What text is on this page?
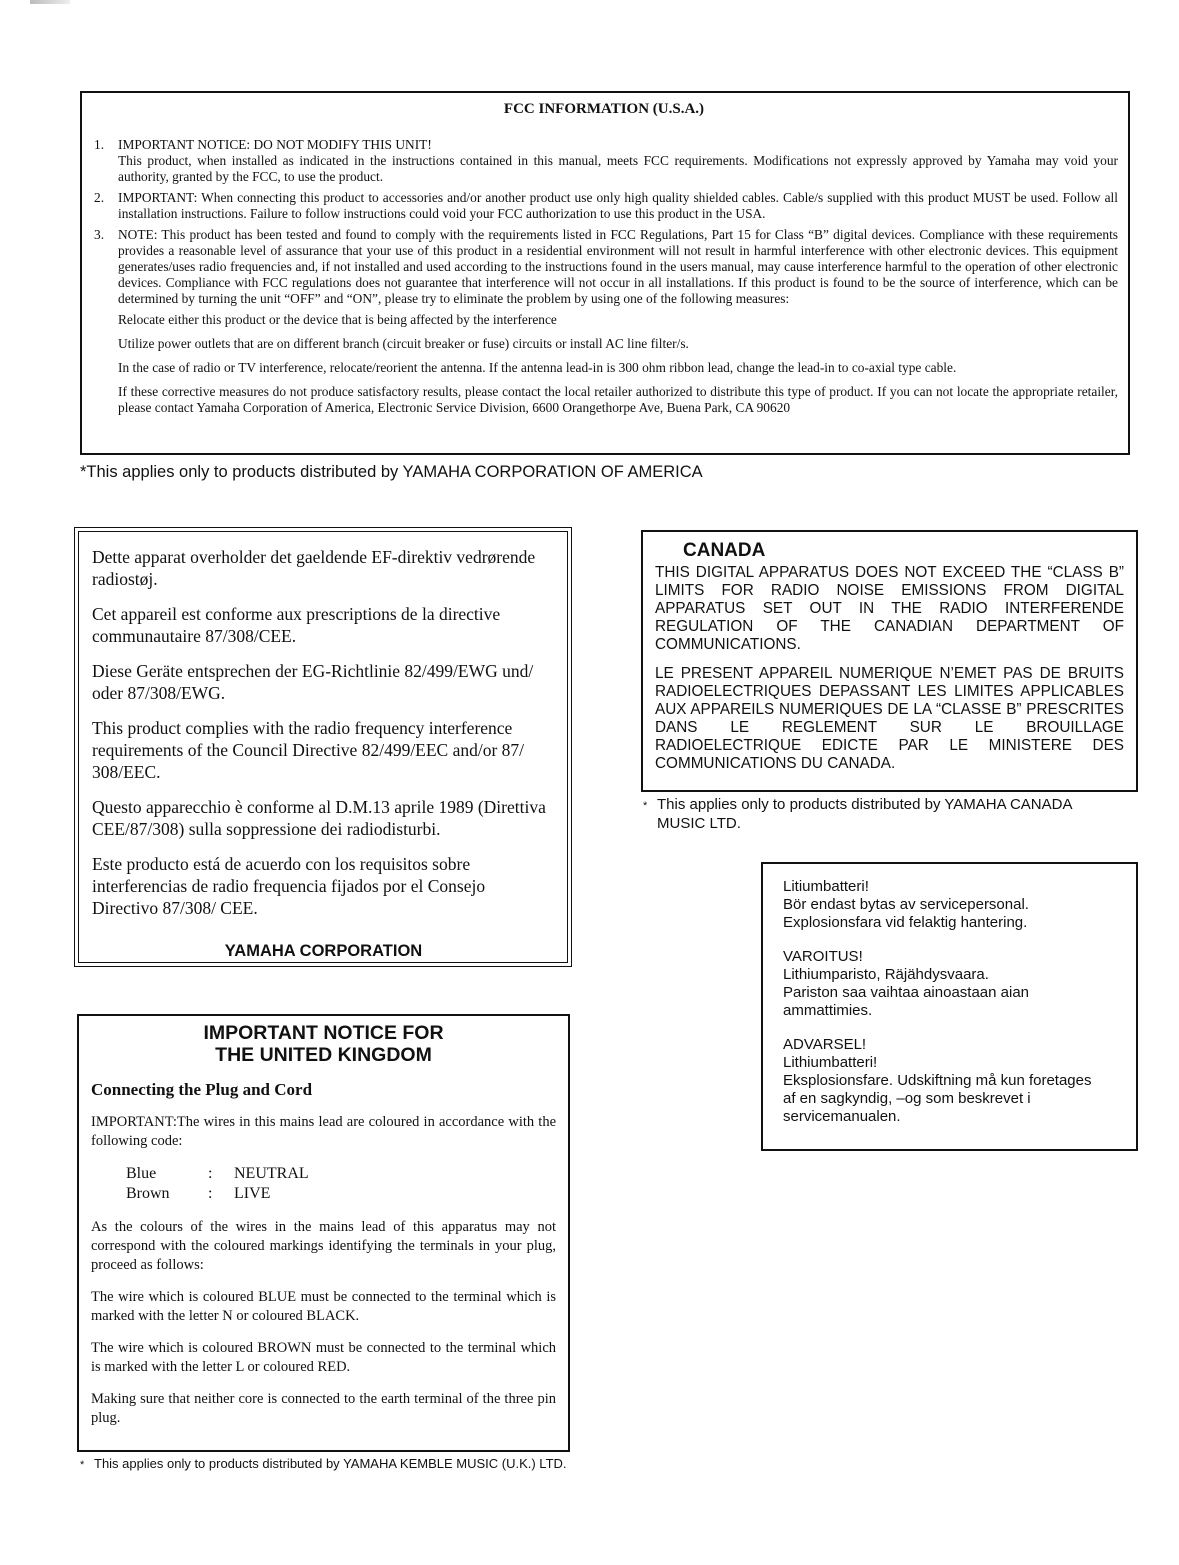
FCC INFORMATION (U.S.A.)
1.	IMPORTANT NOTICE: DO NOT MODIFY THIS UNIT!

This product, when installed as indicated in the instructions contained in this manual, meets FCC requirements. Modifications not expressly approved by Yamaha may void your authority, granted by the FCC, to use the product.

2.	IMPORTANT: When connecting this product to accessories and/or another product use only high quality shielded cables. Cable/s supplied with this product MUST be used. Follow all installation instructions. Failure to follow instructions could void your FCC authorization to use this product in the USA.

3.	NOTE: This product has been tested and found to comply with the requirements listed in FCC Regulations, Part 15 for Class “B” digital devices. Compliance with these requirements provides a reasonable level of assurance that your use of this product in a residential environment will not result in harmful interference with other electronic devices. This equipment generates/uses radio frequencies and, if not installed and used according to the instructions found in the users manual, may cause interference harmful to the operation of other electronic devices. Compliance with FCC regulations does not guarantee that interference will not occur in all installations. If this product is found to be the source of interference, which can be determined by turning the unit “OFF” and “ON”, please try to eliminate the problem by using one of the following measures:

Relocate either this product or the device that is being affected by the interference

Utilize power outlets that are on different branch (circuit breaker or fuse) circuits or install AC line filter/s.

In the case of radio or TV interference, relocate/reorient the antenna. If the antenna lead-in is 300 ohm ribbon lead, change the lead-in to co-axial type cable.

If these corrective measures do not produce satisfactory results, please contact the local retailer authorized to distribute this type of product. If you can not locate the appropriate retailer, please contact Yamaha Corporation of America, Electronic Service Division, 6600 Orangethorpe Ave, Buena Park, CA 90620

*This applies only to products distributed by YAMAHA CORPORATION OF AMERICA

Dette apparat overholder det gaeldende EF-direktiv vedrørende radiostøj.

Cet appareil est conforme aux prescriptions de la directive communautaire 87/308/CEE.

Diese Geräte entsprechen der EG-Richtlinie 82/499/EWG und/ oder 87/308/EWG.

This product complies with the radio frequency interference requirements of the Council Directive 82/499/EEC and/or 87/ 308/EEC.

Questo apparecchio è conforme al D.M.13 aprile 1989 (Direttiva CEE/87/308) sulla soppressione dei radiodisturbi.

Este producto está de acuerdo con los requisitos sobre interferencias de radio frequencia fijados por el Consejo Directivo 87/308/ CEE.

YAMAHA CORPORATION
IMPORTANT NOTICE FOR
THE UNITED KINGDOM
Connecting the Plug and Cord

IMPORTANT:The wires in this mains lead are coloured in accordance with the following code:

Blue	:	NEUTRAL
Brown	:	LIVE

As the colours of the wires in the mains lead of this apparatus may not correspond with the coloured markings identifying the terminals in your plug, proceed as follows:

The wire which is coloured BLUE must be connected to the terminal which is marked with the letter N or coloured BLACK.

The wire which is coloured BROWN must be connected to the terminal which is marked with the letter L or coloured RED.

Making sure that neither core is connected to the earth terminal of the three pin plug.

* This applies only to products distributed by YAMAHA KEMBLE MUSIC (U.K.) LTD.
CANADA

THIS DIGITAL APPARATUS DOES NOT EXCEED THE “CLASS B” LIMITS FOR RADIO NOISE EMISSIONS FROM DIGITAL APPARATUS SET OUT IN THE RADIO INTERFERENDE REGULATION OF THE CANADIAN DEPARTMENT OF COMMUNICATIONS.

LE PRESENT APPAREIL NUMERIQUE N’EMET PAS DE BRUITS RADIOELECTRIQUES DEPASSANT LES LIMITES APPLICABLES AUX APPAREILS NUMERIQUES DE LA “CLASSE B” PRESCRITES DANS LE REGLEMENT SUR LE BROUILLAGE RADIOELECTRIQUE EDICTE PAR LE MINISTERE DES COMMUNICATIONS DU CANADA.

* This applies only to products distributed by YAMAHA CANADA MUSIC LTD.
Litiumbatteri!
Bör endast bytas av servicepersonal.
Explosionsfara vid felaktig hantering.
VAROITUS!
Lithiumparisto, Räjähdysvaara.
Pariston saa vaihtaa ainoastaan aian
ammattimies.
ADVARSEL!
Lithiumbatteri!
Eksplosionsfare. Udskiftning må kun foretages
af en sagkyndig, –og som beskrevet i
servicemanualen.
